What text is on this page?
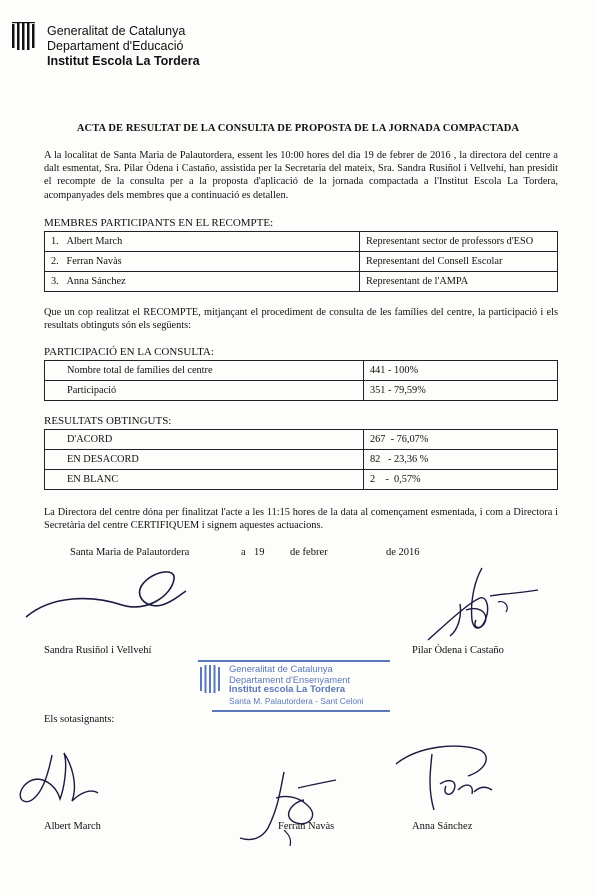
Generalitat de Catalunya
Departament d'Educació
Institut Escola La Tordera
ACTA DE RESULTAT DE LA CONSULTA DE PROPOSTA DE LA JORNADA COMPACTADA
A la localitat de Santa Maria de Palautordera, essent les 10:00 hores del dia 19 de febrer de 2016 , la directora del centre a dalt esmentat, Sra. Pilar Òdena i Castaño, assistida per la Secretaria del mateix, Sra. Sandra Rusiñol i Vellvehí, han presidit el recompte de la consulta per a la proposta d'aplicació de la jornada compactada a l'Institut Escola La Tordera, acompanyades dels membres que a continuació es detallen.
MEMBRES PARTICIPANTS EN EL RECOMPTE:
1. Albert March	Representant sector de professors d'ESO
2. Ferran Navàs	Representant del Consell Escolar
3. Anna Sánchez	Representant de l'AMPA
Que un cop realitzat el RECOMPTE, mitjançant el procediment de consulta de les famílies del centre, la participació i els resultats obtinguts són els següents:
PARTICIPACIÓ EN LA CONSULTA:
Nombre total de famílies del centre	441 - 100%
Participació	351 - 79,59%
RESULTATS OBTINGUTS:
D'ACORD	267  - 76,07%
EN DESACORD	82   - 23,36 %
EN BLANC	2    -  0,57%
La Directora del centre dóna per finalitzat l'acte a les 11:15 hores de la data al començament esmentada, i com a Directora i Secretària del centre CERTIFIQUEM i signem aquestes actuacions.
Santa Maria de Palautordera	a 19 de febrer	de 2016
Sandra Rusiñol i Vellvehí	Pilar Òdena i Castaño
Generalitat de Catalunya
Departament d'Ensenyament
Institut escola La Tordera
Santa M. Palautordera - Sant Celoni
Els sotasignants:
Albert March	Ferran Navàs	Anna Sánchez
